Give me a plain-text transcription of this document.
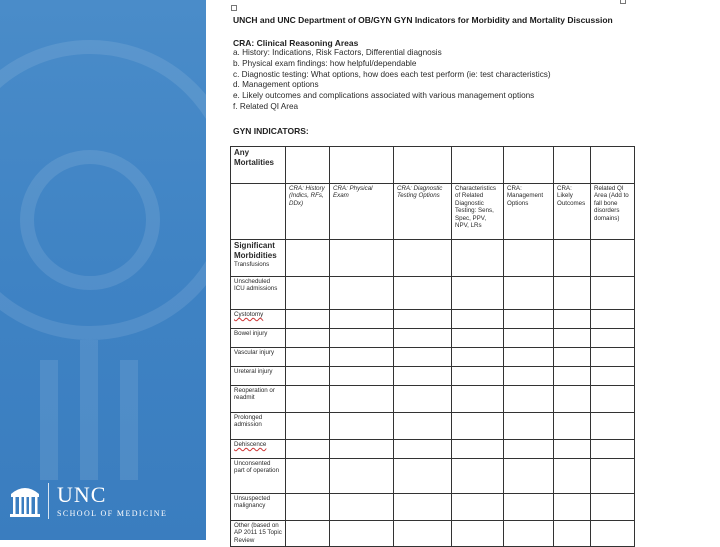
UNC
SCHOOL OF MEDICINE
UNCH and UNC Department of OB/GYN GYN Indicators for Morbidity and Mortality Discussion
CRA: Clinical Reasoning Areas
a. History: Indications, Risk Factors, Differential diagnosis
b. Physical exam findings: how helpful/dependable
c. Diagnostic testing: What options, how does each test perform (ie: test characteristics)
d. Management options
e. Likely outcomes and complications associated with various management options
f. Related QI Area
GYN INDICATORS:
Any Mortalities							
	CRA: History (Indics, RFs, DDx)	CRA: Physical Exam	CRA: Diagnostic Testing Options	Characteristics of Related Diagnostic Testing: Sens, Spec, PPV, NPV, LRs	CRA: Management Options	CRA: Likely Outcomes	Related QI Area (Add to fall bone disorders domains)

Significant Morbidities
Transfusions							

Unscheduled ICU admissions							
Cystotomy							
Bowel injury							
Vascular injury							
Ureteral injury							
Reoperation or readmit							
Prolonged admission							
Dehiscence							
Unconsented part of operation							
Unsuspected malignancy							
Other (based on AP 2011 15 Topic Review							
